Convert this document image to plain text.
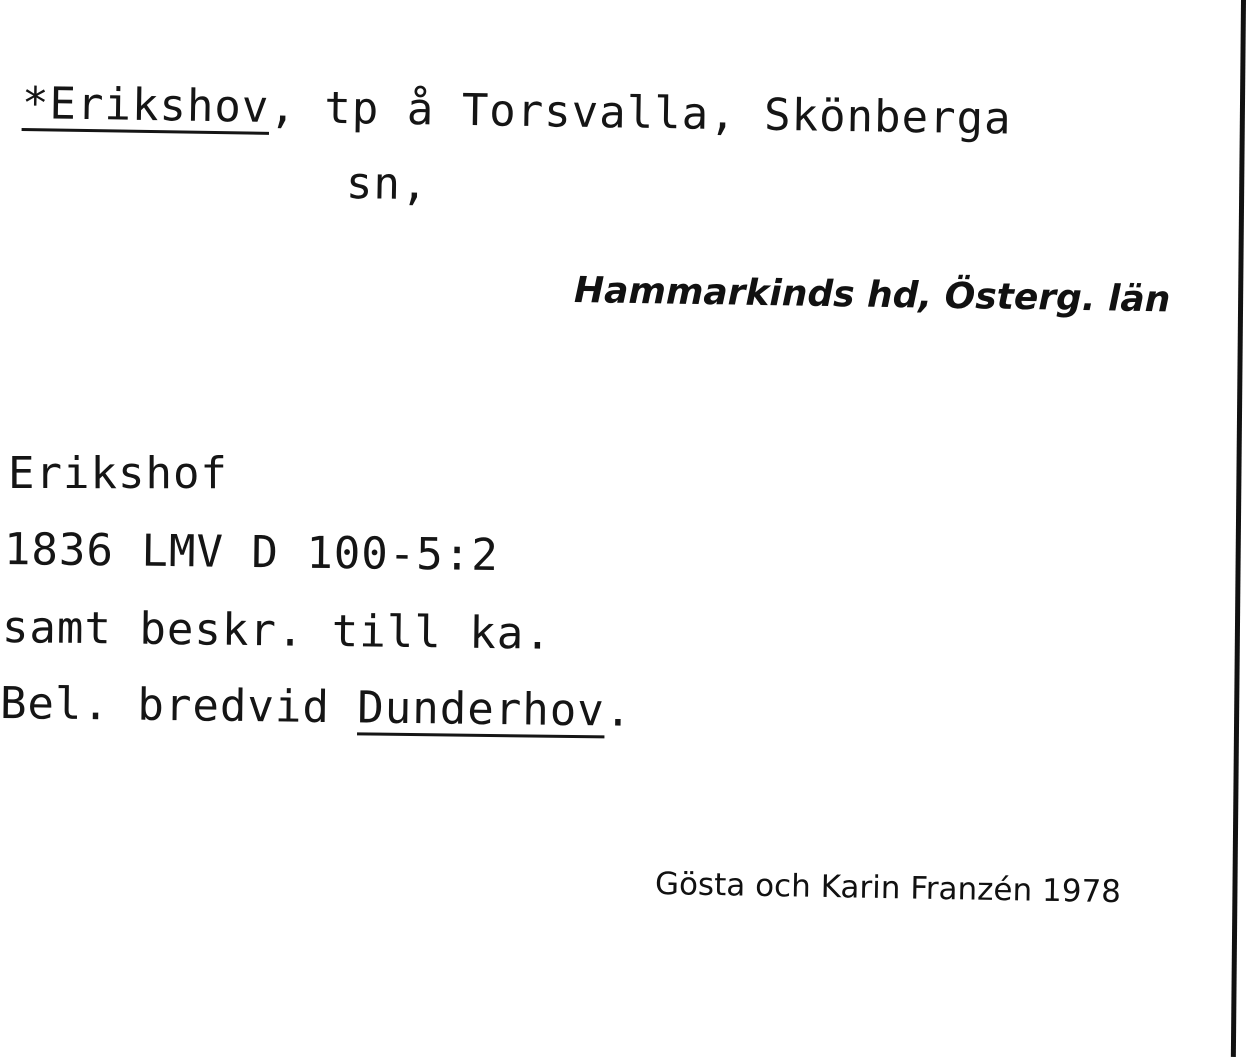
*Erikshov, tp å Torsvalla, Skönberga
sn,
Hammarkinds hd, Österg. län
Erikshof
1836 LMV D 100-5:2
samt beskr. till ka.
Bel. bredvid Dunderhov.
Gösta och Karin Franzén 1978
